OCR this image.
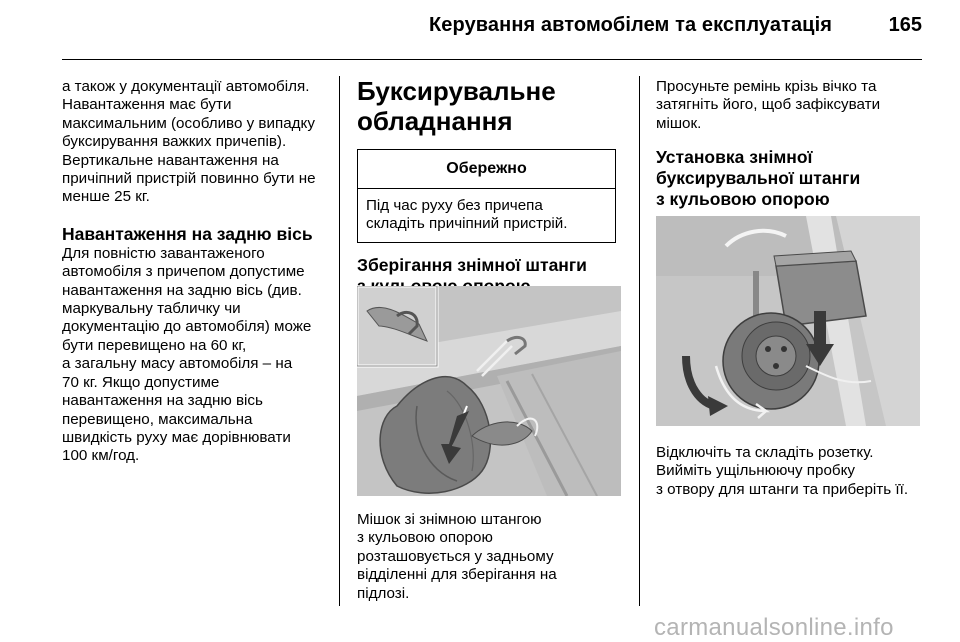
Керування автомобілем та експлуатація	165

а також у документації автомобіля.

Навантаження має бути

максимальним (особливо у випадку

буксирування важких причепів).

Вертикальне навантаження на

причіпний пристрій повинно бути не

менше 25 кг.

Навантаження на задню вісь

Для повністю завантаженого

автомобіля з причепом допустиме

навантаження на задню вісь (див.

маркувальну табличку чи

документацію до автомобіля) може

бути перевищено на 60 кг,

а загальну масу автомобіля – на

70 кг. Якщо допустиме

навантаження на задню вісь

перевищено, максимальна

швидкість руху має дорівнювати

100 км/год.

Буксирувальне

обладнання

Обережно

Під час руху без причепа

складіть причіпний пристрій.

Зберігання знімної штанги

Мішок зі знімною штангою

з кульовою опорою

розташовується у задньому

відділенні для зберігання на

підлозі.

Просуньте ремінь крізь вічко та

затягніть його, щоб зафіксувати

мішок.

Установка знімної

буксирувальної штанги

з кульовою опорою

Відключіть та складіть розетку.

Вийміть ущільнюючу пробку

з отвору для штанги та приберіть її.

carmanualsonline.info
